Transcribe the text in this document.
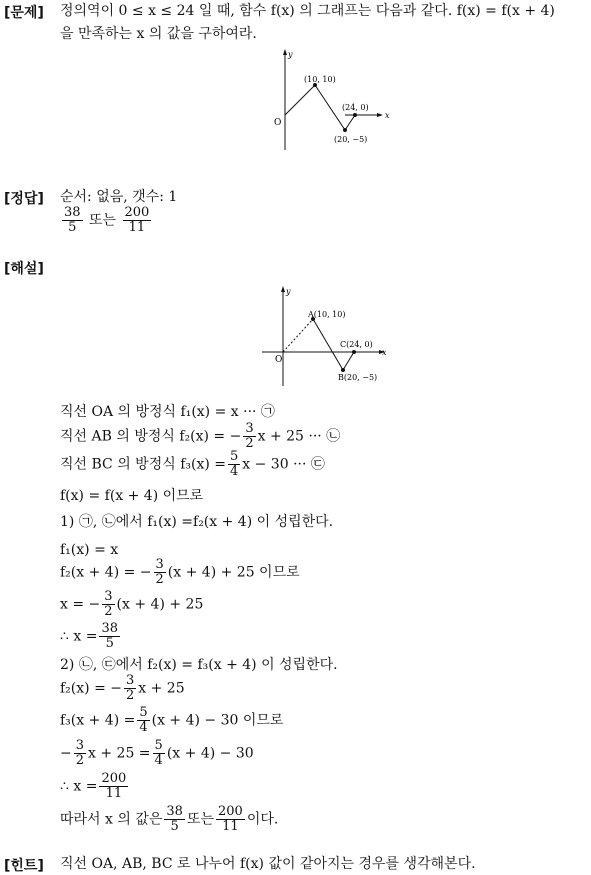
[문제] 정의역이 0 ≤ x ≤ 24 일 때, 함수 f(x) 의 그래프는 다음과 같다. f(x) = f(x + 4)
을 만족하는 x 의 값을 구하여라.
y
x
O
(10, 10)
(20, −5)
(24, 0)
[정답] 순서: 없음, 갯수: 1
$\frac{38}{5}$ 또는 $\frac{200}{11}$
[해설]
y
x
O
A(10, 10)
B(20, −5)
C(24, 0)
직선 OA 의 방정식 f₁(x) = x ··· ㉠
직선 AB 의 방정식 f₂(x) = − $\frac{3}{2}$ x + 25 ··· ㉡
직선 BC 의 방정식 $f_3(x) = \frac{5}{4}$ x − 30 ··· ㉢
f(x) = f(x + 4) 이므로
1) ㉠, ㉡에서 f₁(x) =f₂(x + 4) 이 성립한다.
f₁(x) = x
f₂(x + 4) = − $\frac{3}{2} (x + 4) + 25$ 이므로
x = − $\frac{3}{2} (x + 4) + 25$
∴ $x = \frac{38}{5}$
2) ㉡, ㉢에서 f₂(x) = f₃(x + 4) 이 성립한다.
f₂(x) = − $\frac{3}{2}$ x + 25
$f_3(x + 4) = \frac{5}{4} (x + 4) - 30$ 이므로
− $\frac{3}{2}$ $x + 25 = \frac{5}{4} (x + 4) - 30$
∴ $x = \frac{200}{11}$
따라서 x 의 값은 $\frac{38}{5}$ 또는 $\frac{200}{11}$ 이다.
[힌트] 직선 OA, AB, BC 로 나누어 f(x) 값이 같아지는 경우를 생각해본다.
